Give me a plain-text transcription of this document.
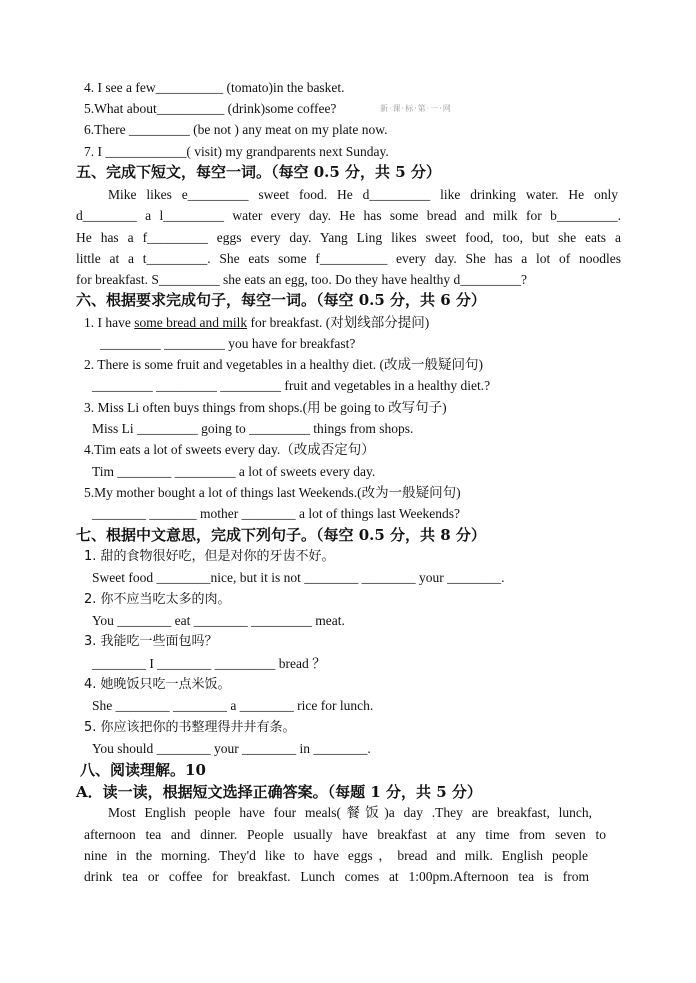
4. I see a few__________ (tomato)in the basket.
5.What about__________ (drink)some coffee?	新·课·标·第·一·网
6.There _________ (be not ) any meat on my plate now.
7. I ____________( visit) my grandparents next Sunday.
五、完成下短文，每空一词。（每空 0.5 分，共 5 分）
Mike likes e_________ sweet food. He d_________ like drinking water. He only
d________ a l_________ water every day. He has some bread and milk for b_________.
He has a f_________ eggs every day. Yang Ling likes sweet food, too, but she eats a
little at a t_________. She eats some f__________ every day. She has a lot of noodles
for breakfast. S_________ she eats an egg, too. Do they have healthy d_________?
六、根据要求完成句子，每空一词。（每空 0.5 分，共 6 分）
1. I have some bread and milk for breakfast. (对划线部分提问)
_________ _________ you have for breakfast?
2. There is some fruit and vegetables in a healthy diet. (改成一般疑问句)
_________ _________ _________ fruit and vegetables in a healthy diet.?
3. Miss Li often buys things from shops.(用 be going to 改写句子)
Miss Li _________ going to _________ things from shops.
4.Tim eats a lot of sweets every day.（改成否定句）
Tim ________ _________ a lot of sweets every day.
5.My mother bought a lot of things last Weekends.(改为一般疑问句)
________ _______ mother ________ a lot of things last Weekends?
七、根据中文意思，完成下列句子。（每空 0.5 分，共 8 分）
1. 甜的食物很好吃，但是对你的牙齿不好。
Sweet food ________nice, but it is not ________ ________ your ________.
2. 你不应当吃太多的肉。
You ________ eat ________ _________ meat.
3. 我能吃一些面包吗？
________ I ________ _________ bread ？
4. 她晚饭只吃一点米饭。
She ________ ________ a ________ rice for lunch.
5. 你应该把你的书整理得井井有条。
You should ________ your ________ in ________.
八、阅读理解。10
A．读一读，根据短文选择正确答案。（每题 1 分，共 5 分）
Most English people have four meals(餐饭)a day .They are breakfast, lunch,
afternoon tea and dinner. People usually have breakfast at any time from seven to
nine in the morning. They'd like to have eggs，bread and milk. English people
drink tea or coffee for breakfast. Lunch comes at 1:00pm.Afternoon tea is from
